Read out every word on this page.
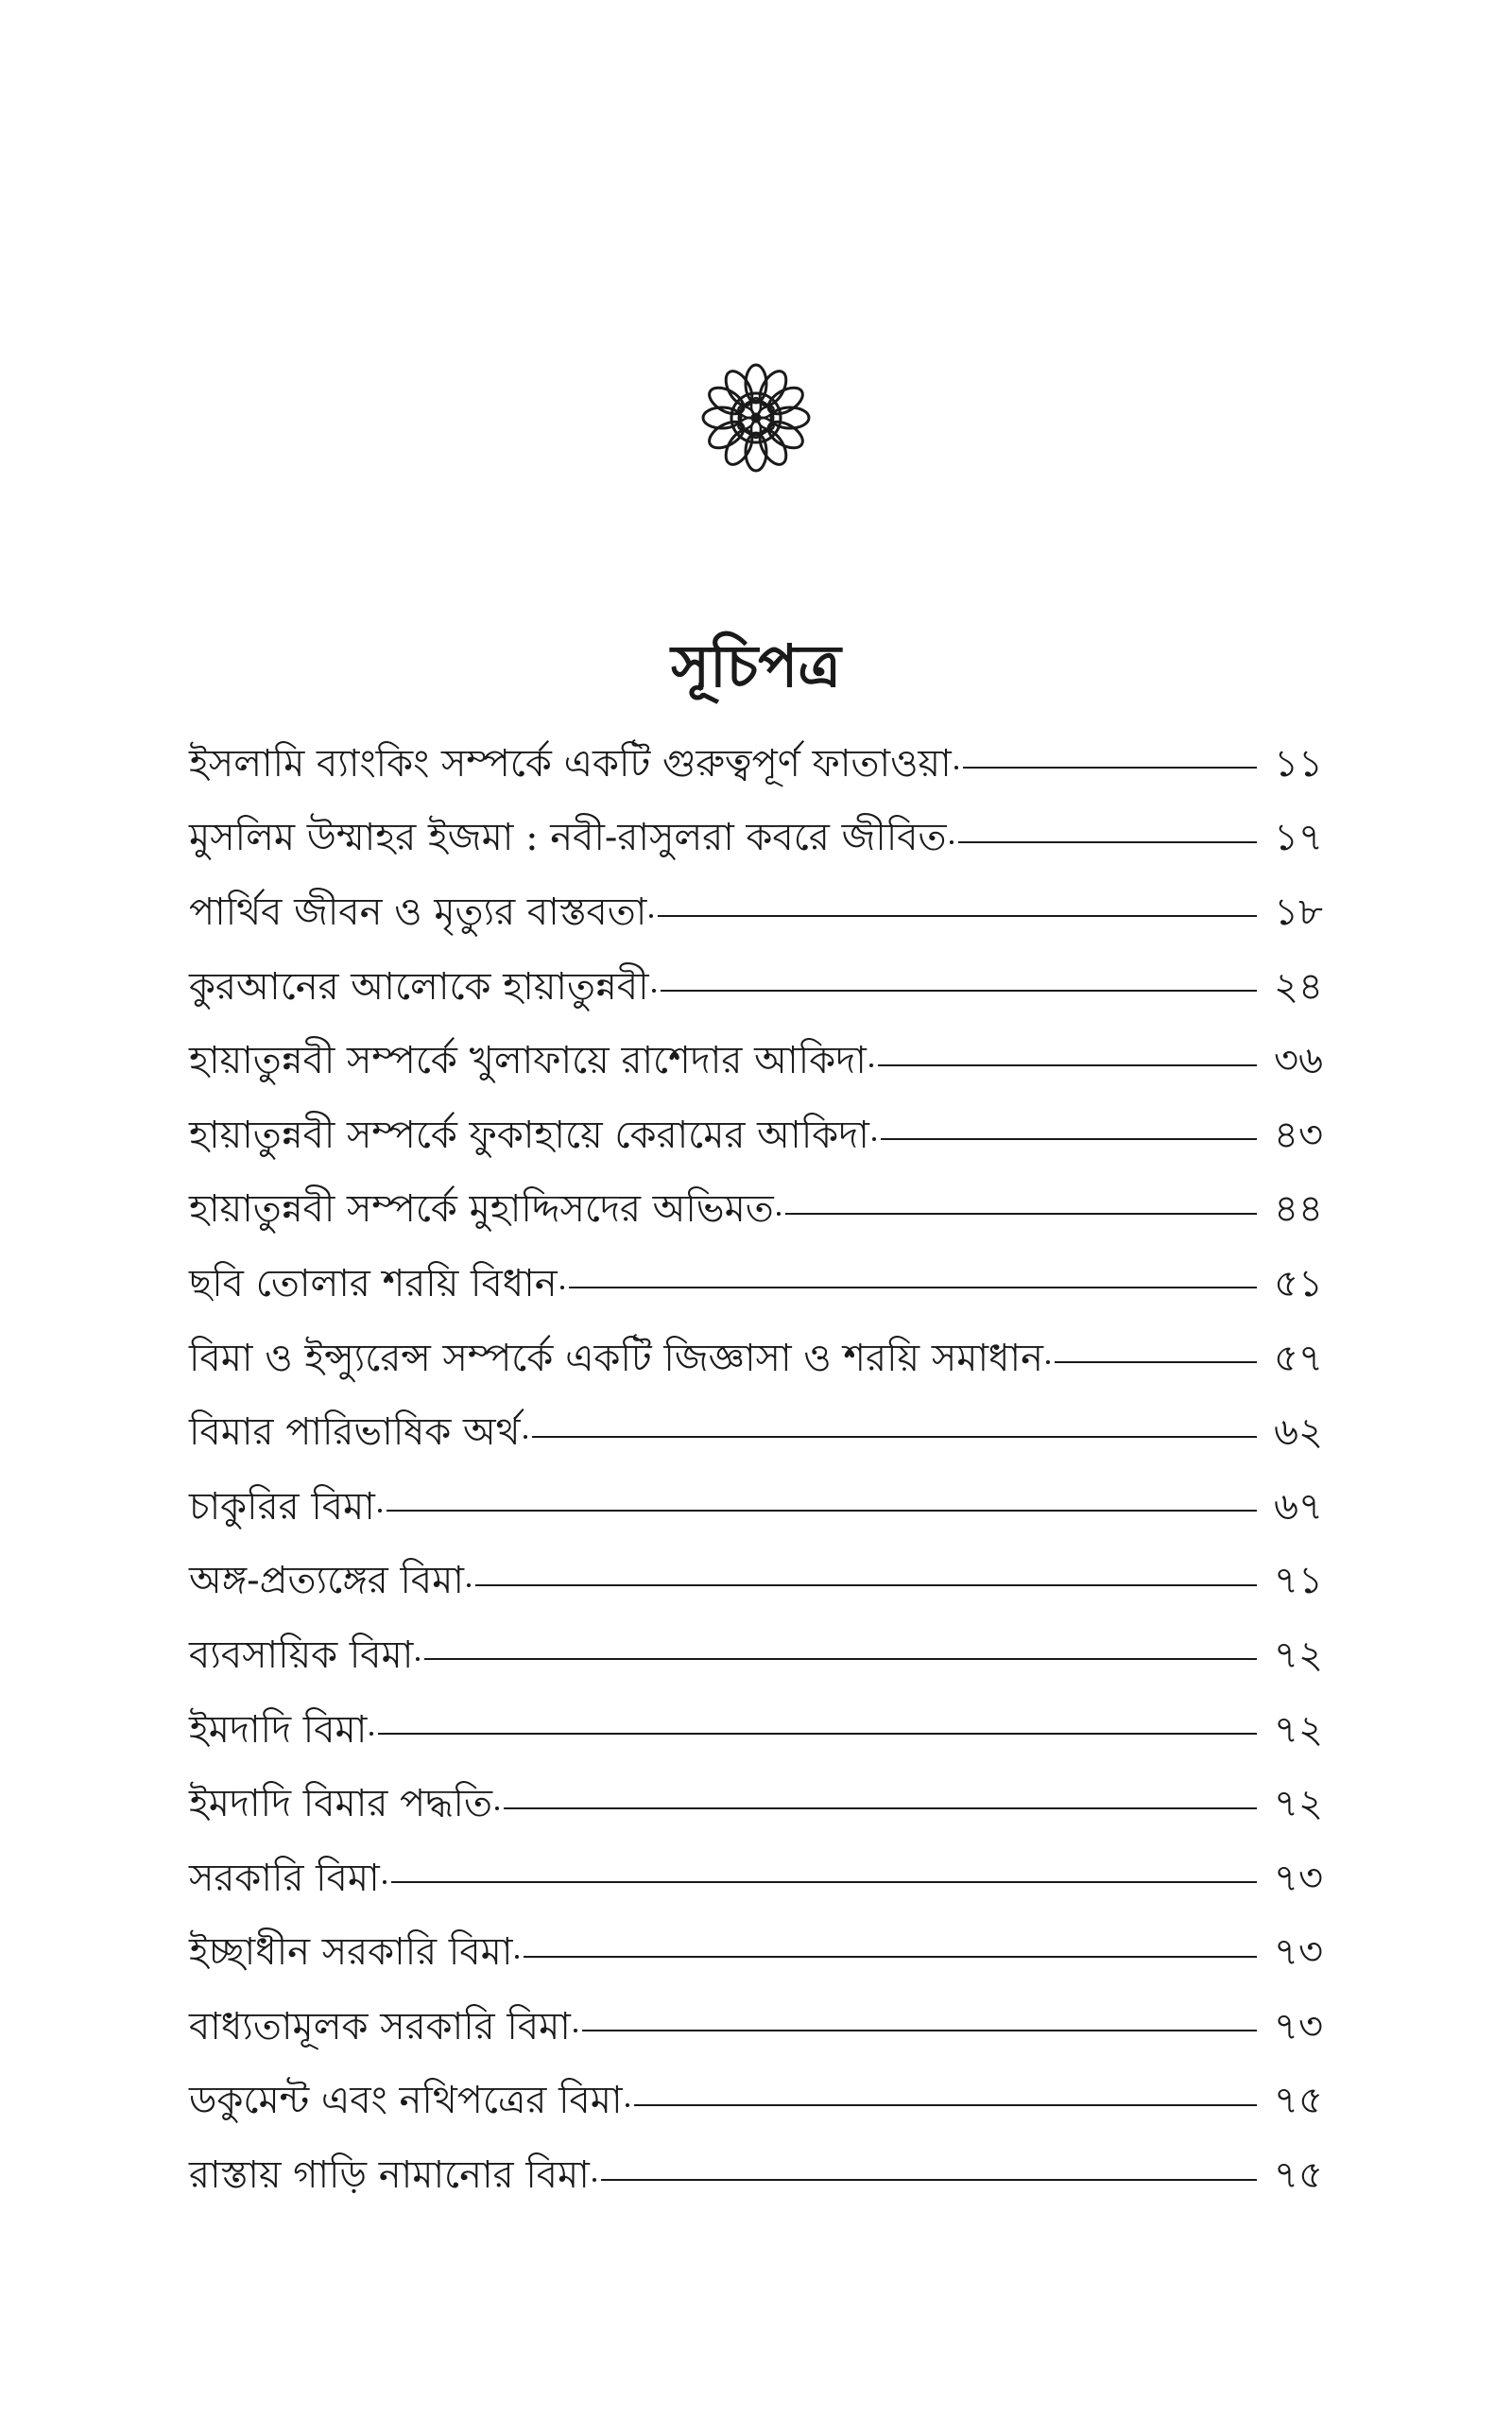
সূচিপত্র
ইসলামি ব্যাংকিং সম্পর্কে একটি গুরুত্বপূর্ণ ফাতাওয়া	১১
মুসলিম উম্মাহর ইজমা : নবী-রাসুলরা কবরে জীবিত	১৭
পার্থিব জীবন ও মৃত্যুর বাস্তবতা	১৮
কুরআনের আলোকে হায়াতুন্নবী	২৪
হায়াতুন্নবী সম্পর্কে খুলাফায়ে রাশেদার আকিদা	৩৬
হায়াতুন্নবী সম্পর্কে ফুকাহায়ে কেরামের আকিদা	৪৩
হায়াতুন্নবী সম্পর্কে মুহাদ্দিসদের অভিমত	৪৪
ছবি তোলার শরয়ি বিধান	৫১
বিমা ও ইন্স্যুরেন্স সম্পর্কে একটি জিজ্ঞাসা ও শরয়ি সমাধান	৫৭
বিমার পারিভাষিক অর্থ	৬২
চাকুরির বিমা	৬৭
অঙ্গ-প্রত্যঙ্গের বিমা	৭১
ব্যবসায়িক বিমা	৭২
ইমদাদি বিমা	৭২
ইমদাদি বিমার পদ্ধতি	৭২
সরকারি বিমা	৭৩
ইচ্ছাধীন সরকারি বিমা	৭৩
বাধ্যতামূলক সরকারি বিমা	৭৩
ডকুমেন্ট এবং নথিপত্রের বিমা	৭৫
রাস্তায় গাড়ি নামানোর বিমা	৭৫
